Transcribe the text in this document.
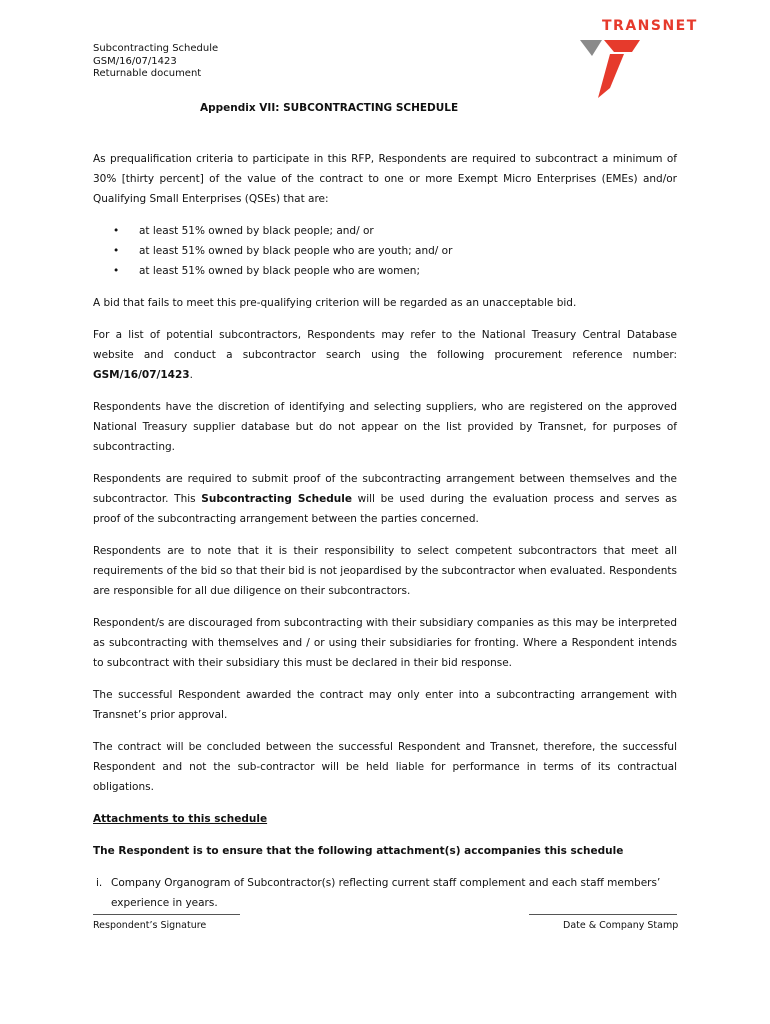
Subcontracting Schedule
GSM/16/07/1423
Returnable document
TRANSNET
Appendix VII: SUBCONTRACTING SCHEDULE

As prequalification criteria to participate in this RFP, Respondents are required to subcontract a minimum of 30% [thirty percent] of the value of the contract to one or more Exempt Micro Enterprises (EMEs) and/or Qualifying Small Enterprises (QSEs) that are:

• at least 51% owned by black people; and/ or
• at least 51% owned by black people who are youth; and/ or
• at least 51% owned by black people who are women;

A bid that fails to meet this pre-qualifying criterion will be regarded as an unacceptable bid.

For a list of potential subcontractors, Respondents may refer to the National Treasury Central Database website and conduct a subcontractor search using the following procurement reference number: GSM/16/07/1423.

Respondents have the discretion of identifying and selecting suppliers, who are registered on the approved National Treasury supplier database but do not appear on the list provided by Transnet, for purposes of subcontracting.

Respondents are required to submit proof of the subcontracting arrangement between themselves and the subcontractor. This Subcontracting Schedule will be used during the evaluation process and serves as proof of the subcontracting arrangement between the parties concerned.

Respondents are to note that it is their responsibility to select competent subcontractors that meet all requirements of the bid so that their bid is not jeopardised by the subcontractor when evaluated. Respondents are responsible for all due diligence on their subcontractors.

Respondent/s are discouraged from subcontracting with their subsidiary companies as this may be interpreted as subcontracting with themselves and / or using their subsidiaries for fronting. Where a Respondent intends to subcontract with their subsidiary this must be declared in their bid response.

The successful Respondent awarded the contract may only enter into a subcontracting arrangement with Transnet’s prior approval.

The contract will be concluded between the successful Respondent and Transnet, therefore, the successful Respondent and not the sub-contractor will be held liable for performance in terms of its contractual obligations.

Attachments to this schedule

The Respondent is to ensure that the following attachment(s) accompanies this schedule

i. Company Organogram of Subcontractor(s) reflecting current staff complement and each staff members’ experience in years.

Respondent’s Signature	Date & Company Stamp
